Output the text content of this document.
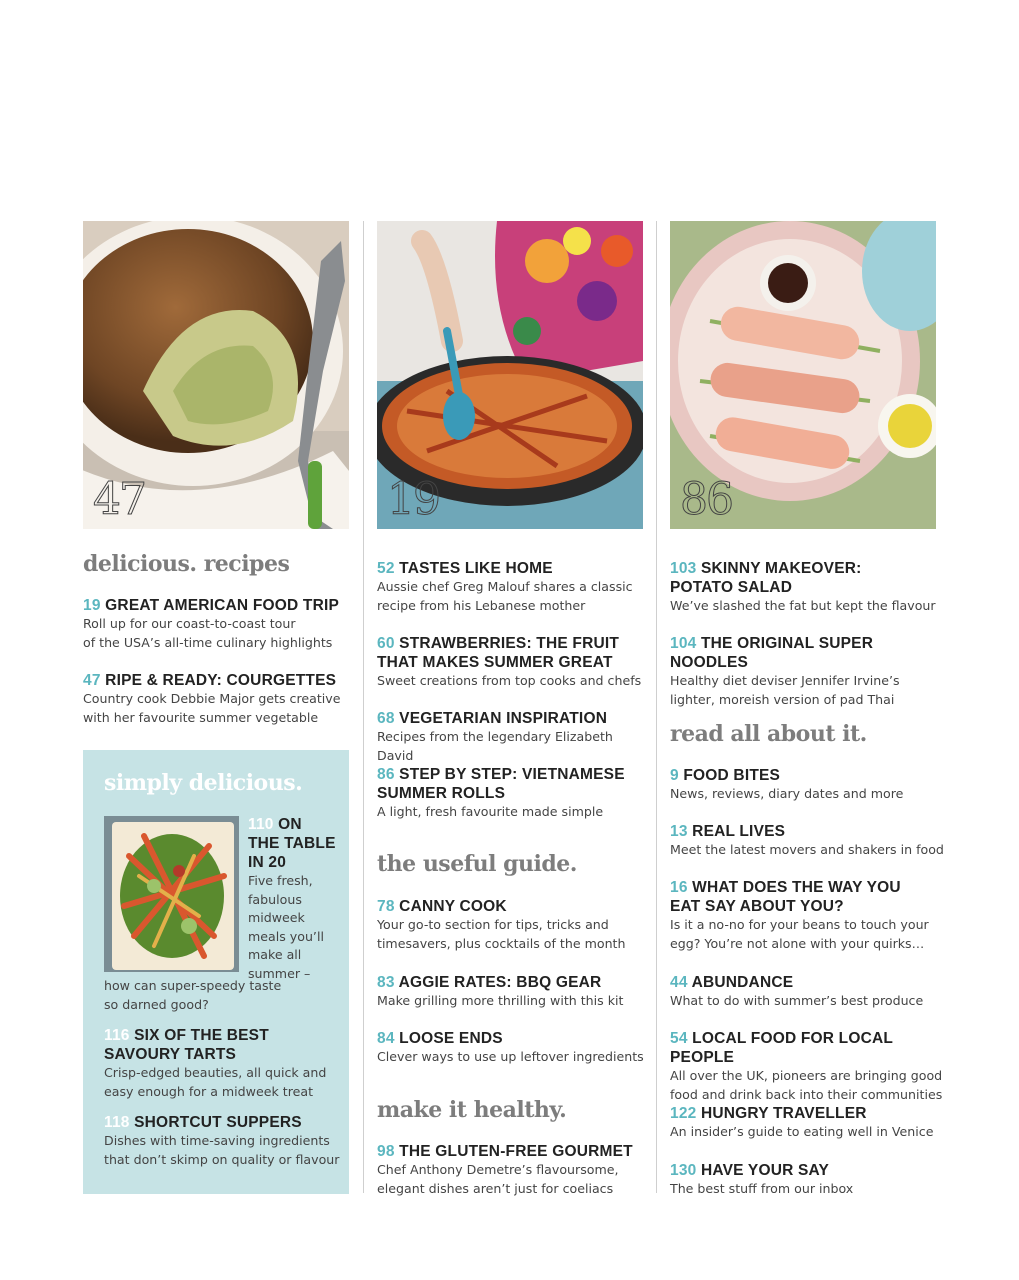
47
delicious. recipes
19 GREAT AMERICAN FOOD TRIP
Roll up for our coast-to-coast tour
of the USA’s all-time culinary highlights
47 RIPE & READY: COURGETTES
Country cook Debbie Major gets creative
with her favourite summer vegetable
simply delicious.
110 ON
THE TABLE
IN 20
Five fresh,
fabulous
midweek
meals you’ll
make all
summer –
how can super-speedy taste
so darned good?
116 SIX OF THE BEST
SAVOURY TARTS
Crisp-edged beauties, all quick and
easy enough for a midweek treat
118 SHORTCUT SUPPERS
Dishes with time-saving ingredients
that don’t skimp on quality or flavour
19
52 TASTES LIKE HOME
Aussie chef Greg Malouf shares a classic
recipe from his Lebanese mother
60 STRAWBERRIES: THE FRUIT
THAT MAKES SUMMER GREAT
Sweet creations from top cooks and chefs
68 VEGETARIAN INSPIRATION
Recipes from the legendary Elizabeth David
86 STEP BY STEP: VIETNAMESE
SUMMER ROLLS
A light, fresh favourite made simple
the useful guide.
78 CANNY COOK
Your go-to section for tips, tricks and
timesavers, plus cocktails of the month
83 AGGIE RATES: BBQ GEAR
Make grilling more thrilling with this kit
84 LOOSE ENDS
Clever ways to use up leftover ingredients
make it healthy.
98 THE GLUTEN-FREE GOURMET
Chef Anthony Demetre’s flavoursome,
elegant dishes aren’t just for coeliacs
86
103 SKINNY MAKEOVER:
POTATO SALAD
We’ve slashed the fat but kept the flavour
104 THE ORIGINAL SUPER NOODLES
Healthy diet deviser Jennifer Irvine’s
lighter, moreish version of pad Thai
read all about it.
9 FOOD BITES
News, reviews, diary dates and more
13 REAL LIVES
Meet the latest movers and shakers in food
16 WHAT DOES THE WAY YOU
EAT SAY ABOUT YOU?
Is it a no-no for your beans to touch your
egg? You’re not alone with your quirks…
44 ABUNDANCE
What to do with summer’s best produce
54 LOCAL FOOD FOR LOCAL PEOPLE
All over the UK, pioneers are bringing good
food and drink back into their communities
122 HUNGRY TRAVELLER
An insider’s guide to eating well in Venice
130 HAVE YOUR SAY
The best stuff from our inbox
